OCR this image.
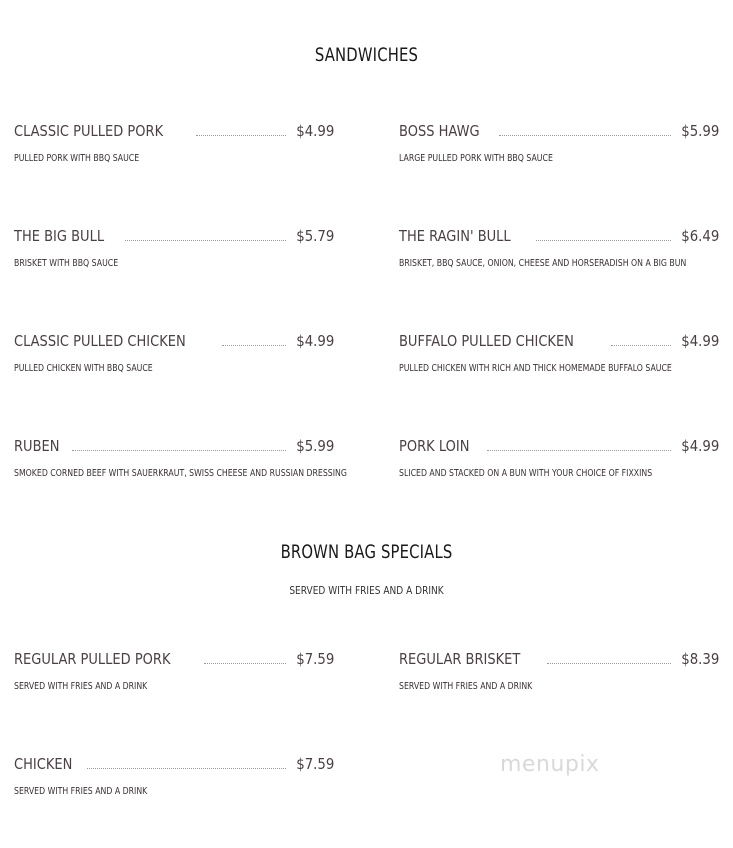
SANDWICHES
CLASSIC PULLED PORK	$4.99
PULLED PORK WITH BBQ SAUCE
BOSS HAWG	$5.99
LARGE PULLED PORK WITH BBQ SAUCE
THE BIG BULL	$5.79
BRISKET WITH BBQ SAUCE
THE RAGIN' BULL	$6.49
BRISKET, BBQ SAUCE, ONION, CHEESE AND HORSERADISH ON A BIG BUN
CLASSIC PULLED CHICKEN	$4.99
PULLED CHICKEN WITH BBQ SAUCE
BUFFALO PULLED CHICKEN	$4.99
PULLED CHICKEN WITH RICH AND THICK HOMEMADE BUFFALO SAUCE
RUBEN	$5.99
SMOKED CORNED BEEF WITH SAUERKRAUT, SWISS CHEESE AND RUSSIAN DRESSING
PORK LOIN	$4.99
SLICED AND STACKED ON A BUN WITH YOUR CHOICE OF FIXXINS
BROWN BAG SPECIALS
SERVED WITH FRIES AND A DRINK
REGULAR PULLED PORK	$7.59
SERVED WITH FRIES AND A DRINK
REGULAR BRISKET	$8.39
SERVED WITH FRIES AND A DRINK
CHICKEN	$7.59
SERVED WITH FRIES AND A DRINK
menupix
